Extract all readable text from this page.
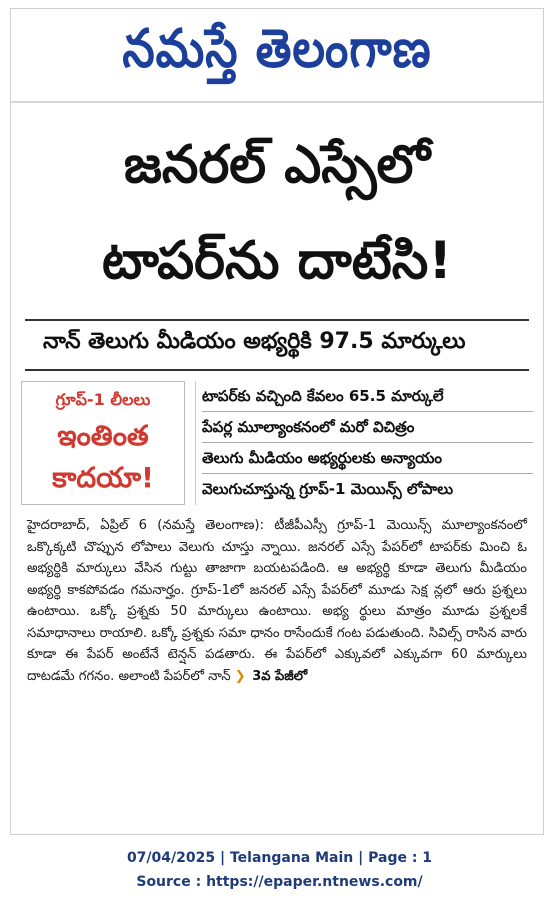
నమస్తే తెలంగాణ
జనరల్ ఎస్సేలో
టాపర్‌ను దాటేసి!
నాన్ తెలుగు మీడియం అభ్యర్థికి 97.5 మార్కులు
గ్రూప్-1 లీలలు
ఇంతింత
కాదయా!
టాపర్‌కు వచ్చింది కేవలం 65.5 మార్కులే
పేపర్ల మూల్యాంకనంలో మరో విచిత్రం
తెలుగు మీడియం అభ్యర్థులకు అన్యాయం
వెలుగుచూస్తున్న గ్రూప్-1 మెయిన్స్ లోపాలు
హైదరాబాద్, ఏప్రిల్ 6 (నమస్తే తెలంగాణ): టీజీపీఎస్సీ గ్రూప్-1 మెయిన్స్ మూల్యాంకనంలో ఒక్కొక్కటి చొప్పున లోపాలు వెలుగు చూస్తు న్నాయి. జనరల్ ఎస్సే పేపర్‌లో టాపర్‌కు మించి ఓ అభ్యర్థికి మార్కులు వేసిన గుట్టు తాజాగా బయటపడింది. ఆ అభ్యర్థి కూడా తెలుగు మీడియం అభ్యర్థి కాకపోవడం గమనార్హం. గ్రూప్-1లో జనరల్ ఎస్సే పేపర్‌లో మూడు సెక్ష న్లలో ఆరు ప్రశ్నలు ఉంటాయి. ఒక్కో ప్రశ్నకు 50 మార్కులు ఉంటాయి. అభ్య ర్థులు మాత్రం మూడు ప్రశ్నలకే సమాధానాలు రాయాలి. ఒక్కో ప్రశ్నకు సమా ధానం రాసేందుకే గంట పడుతుంది. సివిల్స్ రాసిన వారు కూడా ఈ పేపర్ అంటేనే టెన్షన్ పడతారు. ఈ పేపర్‌లో ఎక్కువలో ఎక్కువగా 60 మార్కులు దాటడమే గగనం. అలాంటి పేపర్‌లో నాన్ ❯ 3వ పేజీలో
07/04/2025 | Telangana Main | Page : 1
Source : https://epaper.ntnews.com/
